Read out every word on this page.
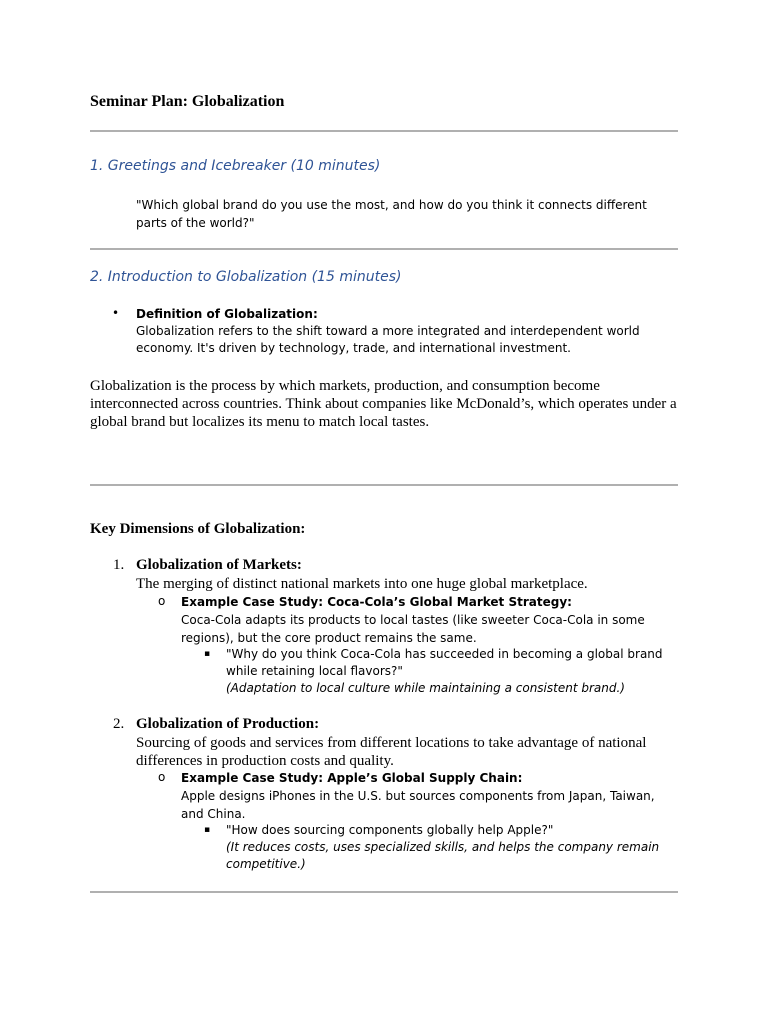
Seminar Plan: Globalization
1. Greetings and Icebreaker (10 minutes)
"Which global brand do you use the most, and how do you think it connects different parts of the world?"
2. Introduction to Globalization (15 minutes)
• Definition of Globalization:
Globalization refers to the shift toward a more integrated and interdependent world economy. It's driven by technology, trade, and international investment.
Globalization is the process by which markets, production, and consumption become interconnected across countries. Think about companies like McDonald’s, which operates under a global brand but localizes its menu to match local tastes.
Key Dimensions of Globalization:
1. Globalization of Markets:
The merging of distinct national markets into one huge global marketplace.
o Example Case Study: Coca-Cola’s Global Market Strategy:
Coca-Cola adapts its products to local tastes (like sweeter Coca-Cola in some regions), but the core product remains the same.
▪ "Why do you think Coca-Cola has succeeded in becoming a global brand while retaining local flavors?"
(Adaptation to local culture while maintaining a consistent brand.)
2. Globalization of Production:
Sourcing of goods and services from different locations to take advantage of national differences in production costs and quality.
o Example Case Study: Apple’s Global Supply Chain:
Apple designs iPhones in the U.S. but sources components from Japan, Taiwan, and China.
▪ "How does sourcing components globally help Apple?"
(It reduces costs, uses specialized skills, and helps the company remain competitive.)
